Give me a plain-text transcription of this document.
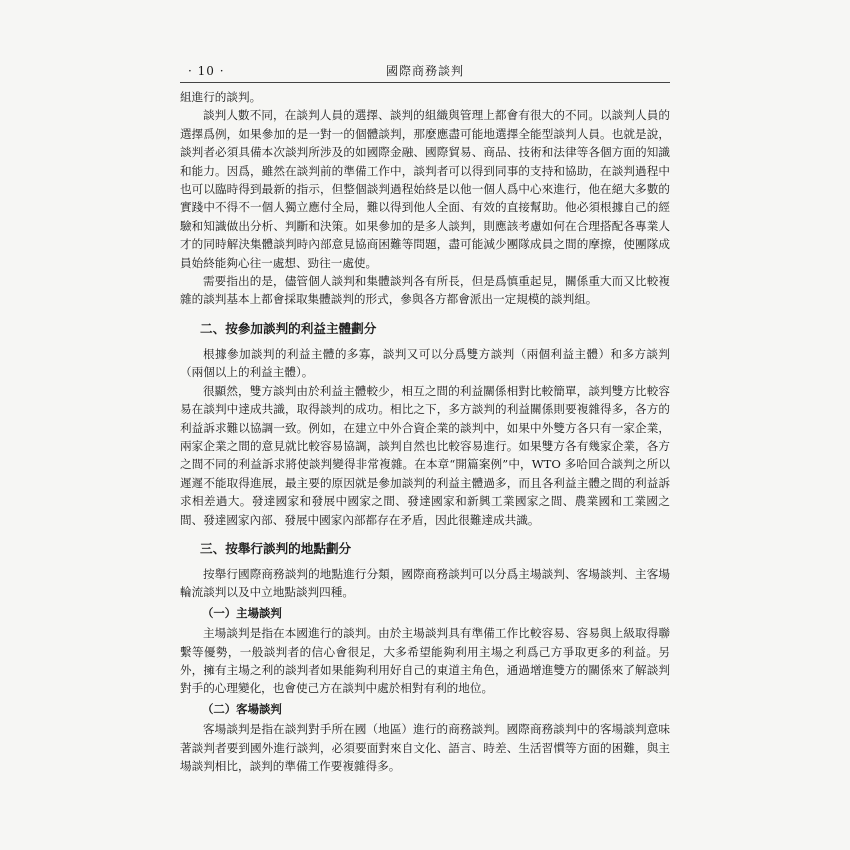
· 10 ·	國際商務談判

組進行的談判。

談判人數不同，在談判人員的選擇、談判的組織與管理上都會有很大的不同。以談判人員的選擇爲例，如果參加的是一對一的個體談判，那麼應盡可能地選擇全能型談判人員。也就是說，談判者必須具備本次談判所涉及的如國際金融、國際貿易、商品、技術和法律等各個方面的知識和能力。因爲，雖然在談判前的準備工作中，談判者可以得到同事的支持和協助，在談判過程中也可以臨時得到最新的指示，但整個談判過程始終是以他一個人爲中心來進行，他在絕大多數的實踐中不得不一個人獨立應付全局，難以得到他人全面、有效的直接幫助。他必須根據自己的經驗和知識做出分析、判斷和決策。如果參加的是多人談判，則應該考慮如何在合理搭配各專業人才的同時解決集體談判時內部意見協商困難等問題，盡可能減少團隊成員之間的摩擦，使團隊成員始終能夠心往一處想、勁往一處使。

需要指出的是，儘管個人談判和集體談判各有所長，但是爲慎重起見，關係重大而又比較複雜的談判基本上都會採取集體談判的形式，參與各方都會派出一定規模的談判組。

二、按參加談判的利益主體劃分

根據參加談判的利益主體的多寡，談判又可以分爲雙方談判（兩個利益主體）和多方談判（兩個以上的利益主體）。

很顯然，雙方談判由於利益主體較少，相互之間的利益關係相對比較簡單，談判雙方比較容易在談判中達成共識，取得談判的成功。相比之下，多方談判的利益關係則要複雜得多，各方的利益訴求難以協調一致。例如，在建立中外合資企業的談判中，如果中外雙方各只有一家企業，兩家企業之間的意見就比較容易協調，談判自然也比較容易進行。如果雙方各有幾家企業，各方之間不同的利益訴求將使談判變得非常複雜。在本章“開篇案例”中，WTO 多哈回合談判之所以遲遲不能取得進展，最主要的原因就是參加談判的利益主體過多，而且各利益主體之間的利益訴求相差過大。發達國家和發展中國家之間、發達國家和新興工業國家之間、農業國和工業國之間、發達國家內部、發展中國家內部都存在矛盾，因此很難達成共識。

三、按舉行談判的地點劃分

按舉行國際商務談判的地點進行分類，國際商務談判可以分爲主場談判、客場談判、主客場輪流談判以及中立地點談判四種。

（一）主場談判

主場談判是指在本國進行的談判。由於主場談判具有準備工作比較容易、容易與上級取得聯繫等優勢，一般談判者的信心會很足，大多希望能夠利用主場之利爲己方爭取更多的利益。另外，擁有主場之利的談判者如果能夠利用好自己的東道主角色，通過增進雙方的關係來了解談判對手的心理變化，也會使己方在談判中處於相對有利的地位。

（二）客場談判

客場談判是指在談判對手所在國（地區）進行的商務談判。國際商務談判中的客場談判意味著談判者要到國外進行談判，必須要面對來自文化、語言、時差、生活習慣等方面的困難，與主場談判相比，談判的準備工作要複雜得多。
